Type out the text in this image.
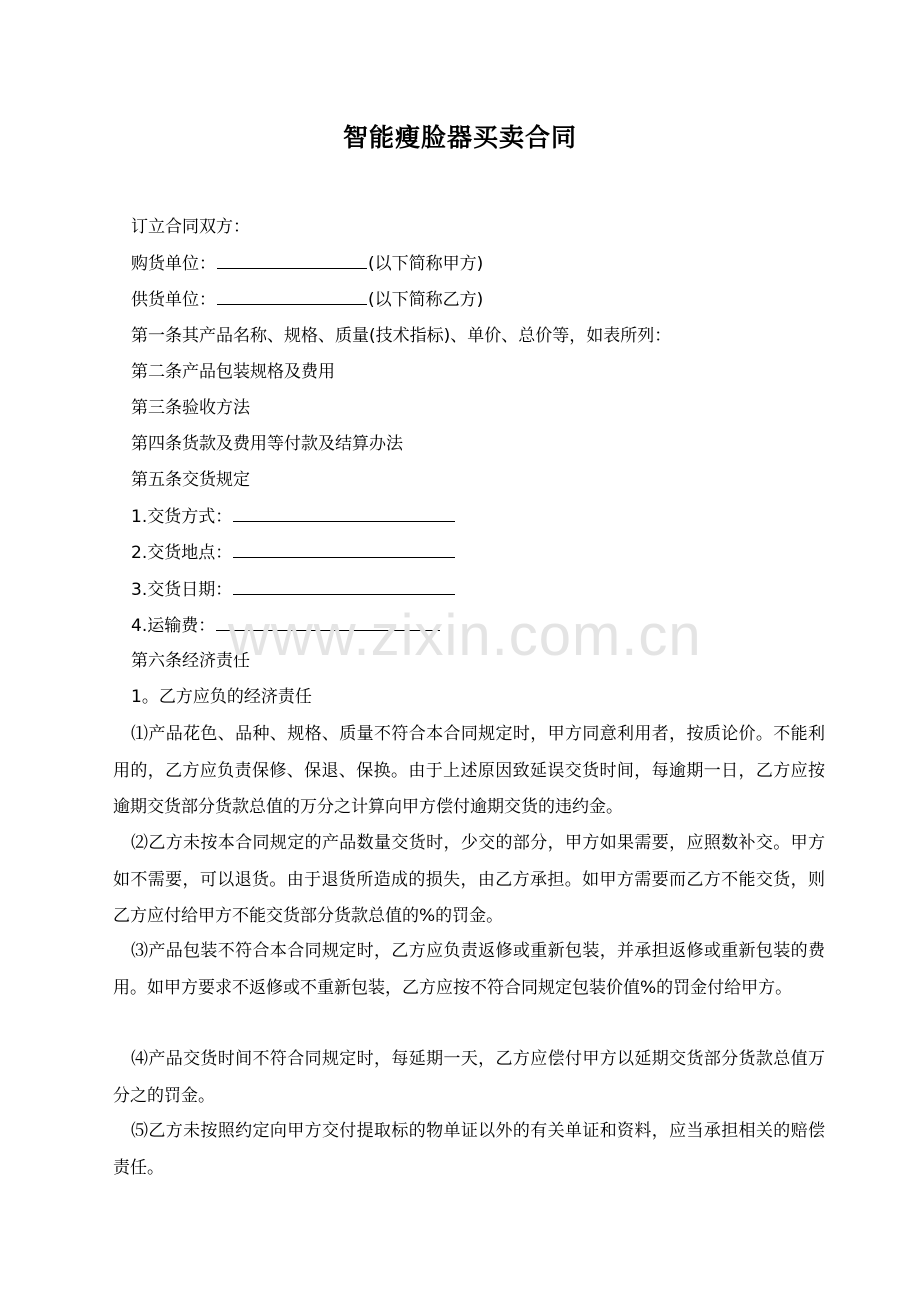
智能瘦脸器买卖合同
订立合同双方：
购货单位：	(以下简称甲方)
供货单位：	(以下简称乙方)
第一条其产品名称、规格、质量(技术指标)、单价、总价等，如表所列：
第二条产品包装规格及费用
第三条验收方法
第四条货款及费用等付款及结算办法
第五条交货规定
1.交货方式：
2.交货地点：
3.交货日期：
4.运输费：
第六条经济责任
1。乙方应负的经济责任
⑴产品花色、品种、规格、质量不符合本合同规定时，甲方同意利用者，按质论价。不能利用的，乙方应负责保修、保退、保换。由于上述原因致延误交货时间，每逾期一日，乙方应按逾期交货部分货款总值的万分之计算向甲方偿付逾期交货的违约金。
⑵乙方未按本合同规定的产品数量交货时，少交的部分，甲方如果需要，应照数补交。甲方如不需要，可以退货。由于退货所造成的损失，由乙方承担。如甲方需要而乙方不能交货，则乙方应付给甲方不能交货部分货款总值的%的罚金。
⑶产品包装不符合本合同规定时，乙方应负责返修或重新包装，并承担返修或重新包装的费用。如甲方要求不返修或不重新包装，乙方应按不符合同规定包装价值%的罚金付给甲方。
⑷产品交货时间不符合同规定时，每延期一天，乙方应偿付甲方以延期交货部分货款总值万分之的罚金。
⑸乙方未按照约定向甲方交付提取标的物单证以外的有关单证和资料，应当承担相关的赔偿责任。
www.zixin.com.cn
